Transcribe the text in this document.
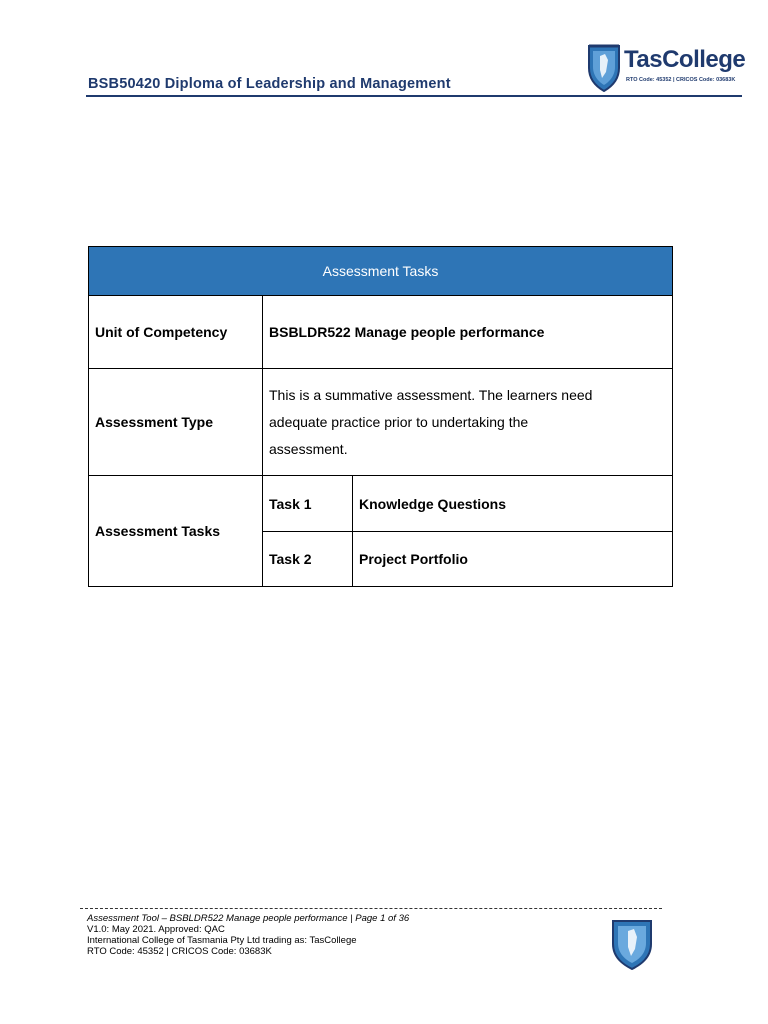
BSB50420 Diploma of Leadership and Management
TasCollege
RTO Code: 45352 | CRICOS Code: 03683K
Assessment Tasks		
Unit of Competency	BSBLDR522 Manage people performance	
Assessment Type	This is a summative assessment. The learners need
adequate practice prior to undertaking the
assessment.	

Assessment Tasks	Task 1	Knowledge Questions
	Task 2	Project Portfolio
Assessment Tool – BSBLDR522 Manage people performance | Page 1 of 36
V1.0: May 2021. Approved: QAC
International College of Tasmania Pty Ltd trading as: TasCollege
RTO Code: 45352 | CRICOS Code: 03683K
